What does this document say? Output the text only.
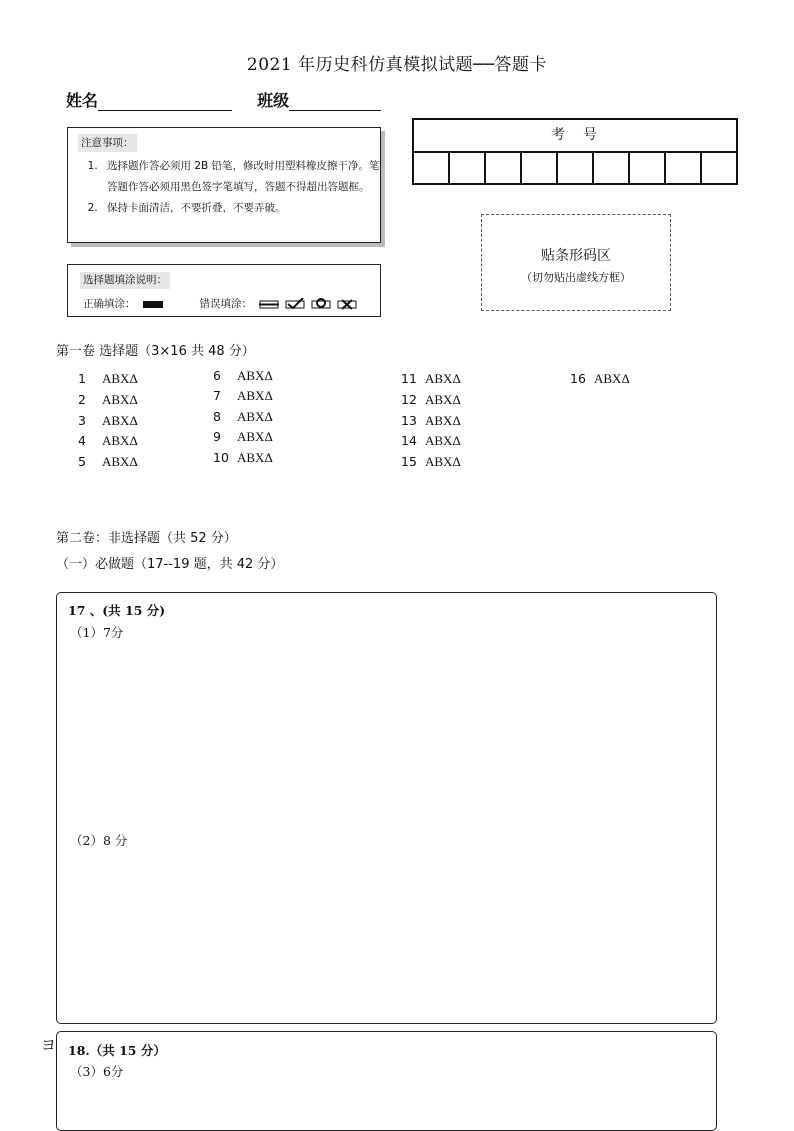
2021 年历史科仿真模拟试题──答题卡
姓名	班级
注意事项：
1. 选择题作答必须用 2B 铅笔，修改时用塑料橡皮擦干净。笔答题作答必须用黑色签字笔填写，答题不得超出答题框。
2. 保持卡面清洁，不要折叠，不要弄破。
选择题填涂说明：
正确填涂：	错误填涂：
考　号
贴条形码区
（切勿贴出虚线方框）
第一卷 选择题（3×16 共 48 分）
1 ABXΔ
2 ABXΔ
3 ABXΔ
4 ABXΔ
5 ABXΔ
6 ABXΔ
7 ABXΔ
8 ABXΔ
9 ABXΔ
10 ABXΔ
11 ABXΔ
12 ABXΔ
13 ABXΔ
14 ABXΔ
15 ABXΔ
16 ABXΔ
第二卷：非选择题（共 52 分）
（一）必做题（17--19 题，共 42 分）
17 、(共 15 分)
（1）7分
（2）8 分
ヨ 18.（共 15 分）
（3）6分
